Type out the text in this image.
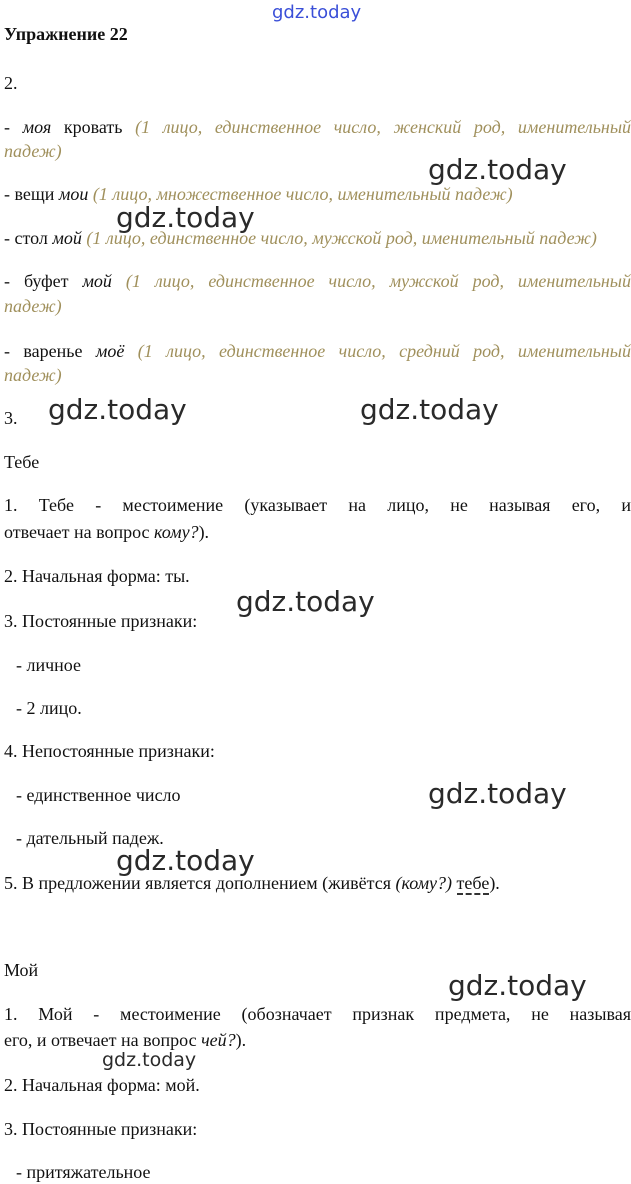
gdz.today
gdz.today
gdz.today
gdz.today	gdz.today
gdz.today
gdz.today
gdz.today
gdz.today
gdz.today
Упражнение 22
2.
- моя кровать (1 лицо, единственное число, женский род, именительный
падеж)
- вещи мои (1 лицо, множественное число, именительный падеж)
- стол мой (1 лицо, единственное число, мужской род, именительный падеж)
- буфет мой (1 лицо, единственное число, мужской род, именительный
падеж)
- варенье моё (1 лицо, единственное число, средний род, именительный
падеж)
3.
Тебе
1. Тебе - местоимение (указывает на лицо, не называя его, и
отвечает на вопрос кому?).
2. Начальная форма: ты.
3. Постоянные признаки:
- личное
- 2 лицо.
4. Непостоянные признаки:
- единственное число
- дательный падеж.
5. В предложении является дополнением (живётся (кому?) тебе).
Мой
1. Мой - местоимение (обозначает признак предмета, не называя
его, и отвечает на вопрос чей?).
2. Начальная форма: мой.
3. Постоянные признаки:
- притяжательное
